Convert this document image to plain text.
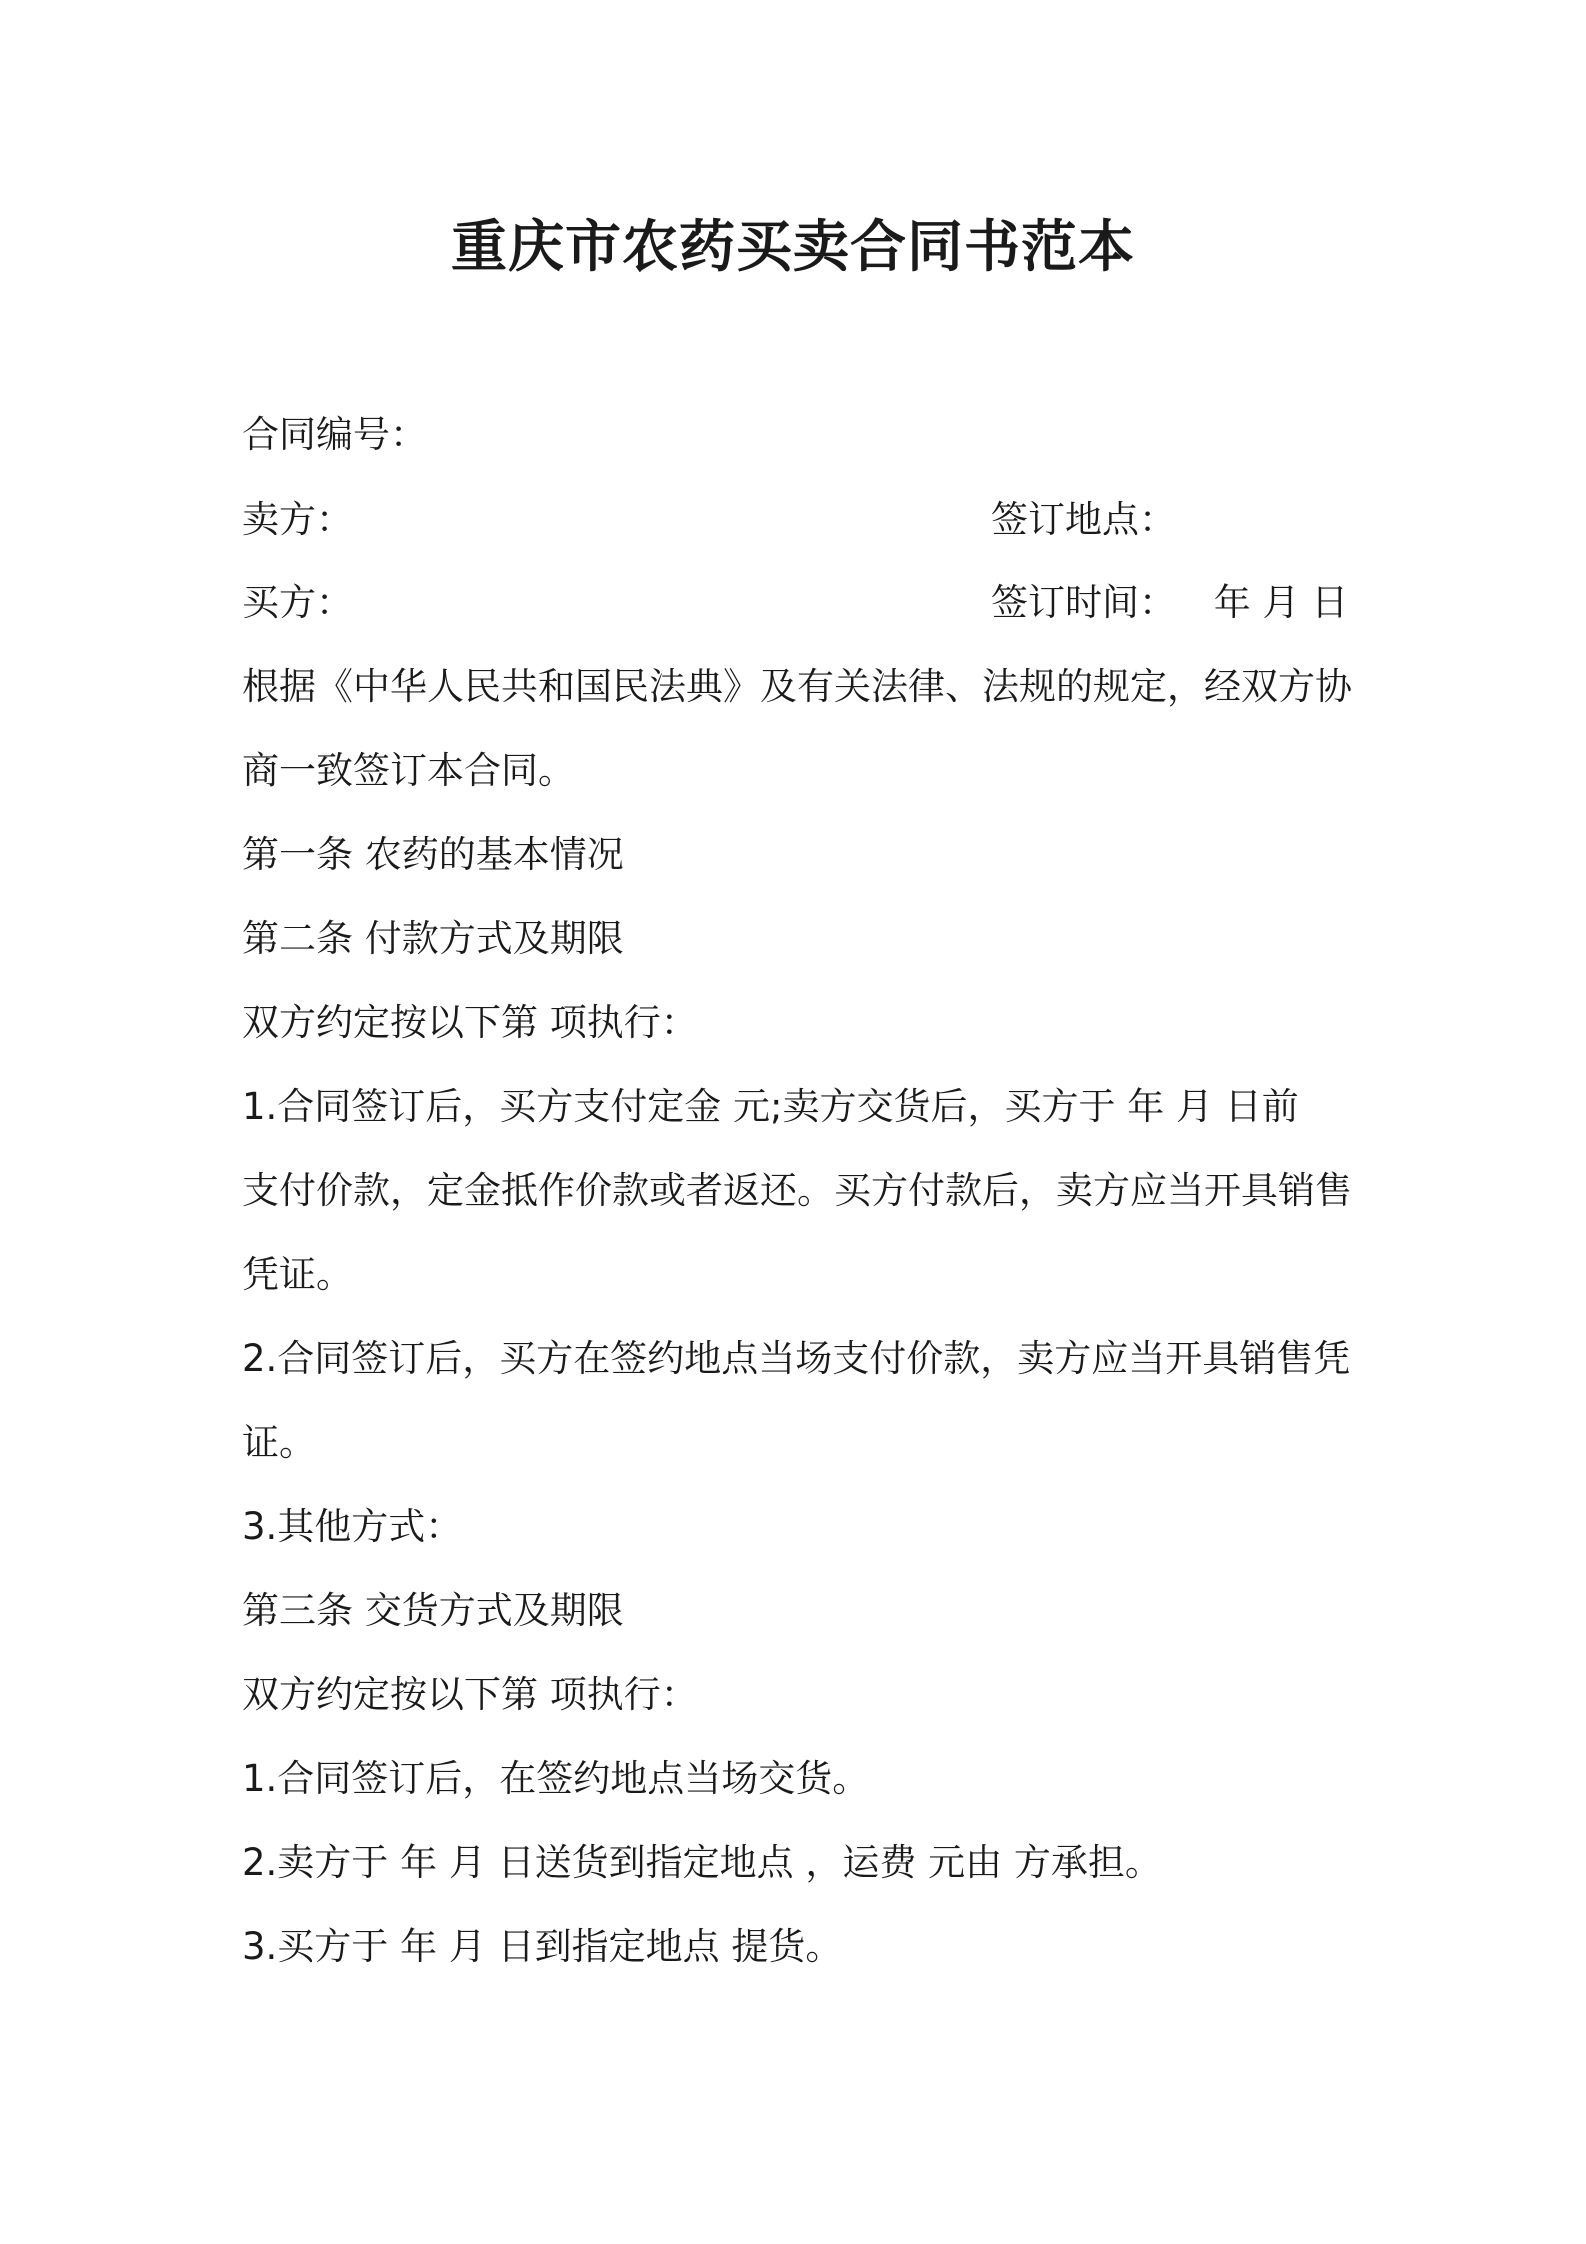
重庆市农药买卖合同书范本
合同编号：
卖方：	签订地点：
买方：	签订时间： 年 月 日
根据《中华人民共和国民法典》及有关法律、法规的规定，经双方协
商一致签订本合同。
第一条 农药的基本情况
第二条 付款方式及期限
双方约定按以下第 项执行：
1.合同签订后，买方支付定金 元;卖方交货后，买方于 年 月 日前
支付价款，定金抵作价款或者返还。买方付款后，卖方应当开具销售
凭证。
2.合同签订后，买方在签约地点当场支付价款，卖方应当开具销售凭
证。
3.其他方式：
第三条 交货方式及期限
双方约定按以下第 项执行：
1.合同签订后，在签约地点当场交货。
2.卖方于 年 月 日送货到指定地点 ，运费 元由 方承担。
3.买方于 年 月 日到指定地点 提货。
